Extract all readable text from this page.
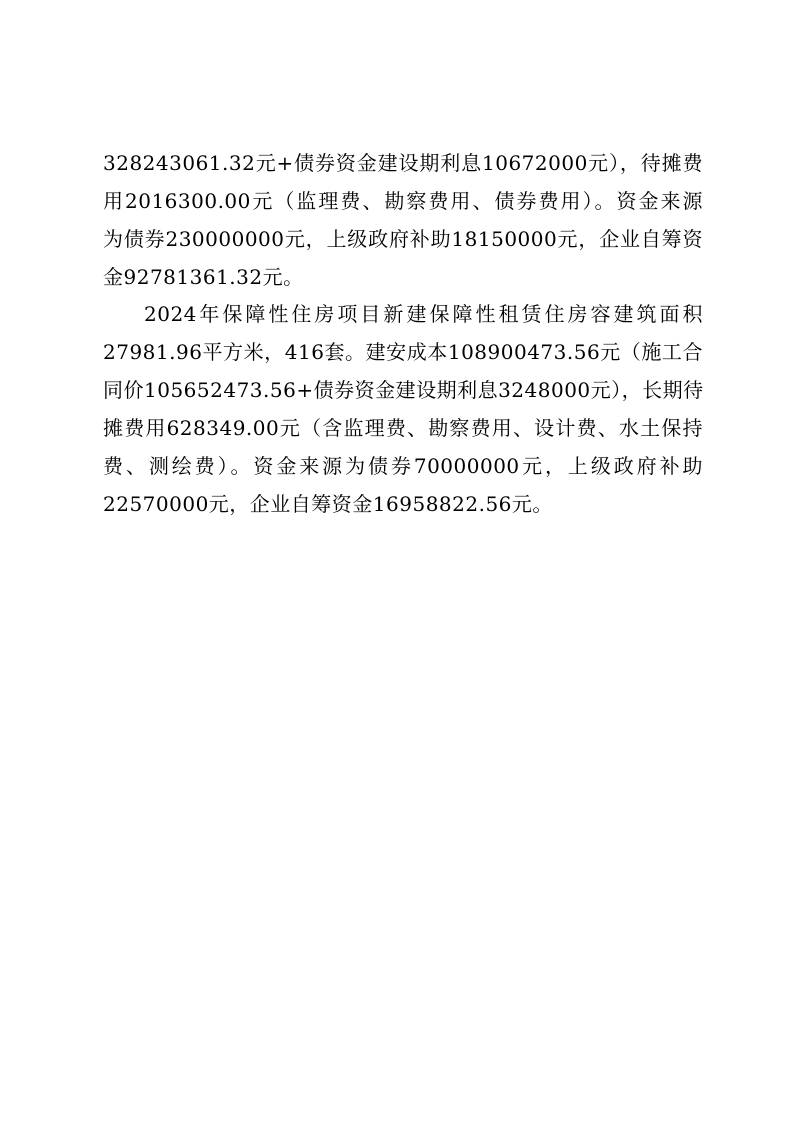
328243061.32元+债券资金建设期利息10672000元），待摊费
用2016300.00元（监理费、勘察费用、债券费用）。资金来源
为债券230000000元，上级政府补助18150000元，企业自筹资
金92781361.32元。
2024年保障性住房项目新建保障性租赁住房容建筑面积
27981.96平方米，416套。建安成本108900473.56元（施工合
同价105652473.56+债券资金建设期利息3248000元），长期待
摊费用628349.00元（含监理费、勘察费用、设计费、水土保持
费、测绘费）。资金来源为债券70000000元，上级政府补助
22570000元，企业自筹资金16958822.56元。
